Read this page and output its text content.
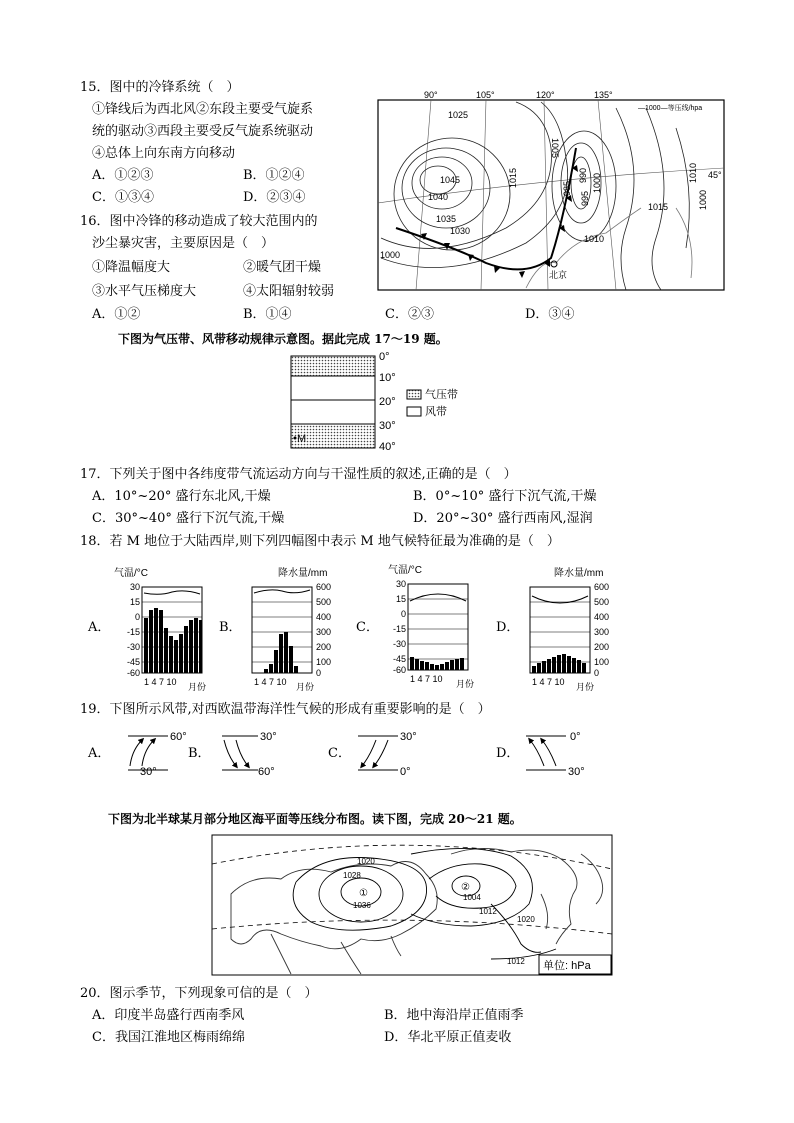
15．图中的冷锋系统（　）
①锋线后为西北风②东段主要受气旋系
统的驱动③西段主要受反气旋系统驱动
④总体上向东南方向移动
A．①②③	B．①②④
C．①③④	D．②③④
16．图中冷锋的移动造成了较大范围内的
沙尘暴灾害，主要原因是（　）
①降温幅度大	②暖气团干燥
③水平气压梯度大	④太阳辐射较弱
A．①②	B．①④	C．②③	D．③④
90°	105°	120°	135°
—1000—等压线/hpa
45°
北京
1025
1045
1040
1035
1030
1000
1015
1005
985
990
995
1000	1010
1015
1010
1000
下图为气压带、风带移动规律示意图。据此完成 17～19 题。
M
0°
10°
20°
30°
40°
气压带
风带
17．下列关于图中各纬度带气流运动方向与干湿性质的叙述,正确的是（　）
A．10°~20° 盛行东北风,干燥	B．0°~10° 盛行下沉气流,干燥
C．30°~40° 盛行下沉气流,干燥	D．20°~30° 盛行西南风,湿润
18．若 M 地位于大陆西岸,则下列四幅图中表示 M 地气候特征最为准确的是（　）
A．
气温/°C
30
15
0
-15
-30
-45
-60
1 4 7 10 月份
B．
降水量/mm
600
500
400
300
200
100
0
1 4 7 10 月份
C．
气温/°C
30
15
0
-15
-30
-45
-60
1 4 7 10 月份
D．
降水量/mm
600
500
400
300
200
100
0
1 4 7 10 月份
19．下图所示风带,对西欧温带海洋性气候的形成有重要影响的是（　）
A．
60°
30°
B．
30°
60°
C．
30°
0°
D．
0°
30°
下图为北半球某月部分地区海平面等压线分布图。读下图，完成 20～21 题。
①
②
1036
1028
1020
1004
1012
1020
1012 单位: hPa
20．图示季节，下列现象可信的是（　）
A．印度半岛盛行西南季风	B．地中海沿岸正值雨季
C．我国江淮地区梅雨绵绵	D．华北平原正值麦收
